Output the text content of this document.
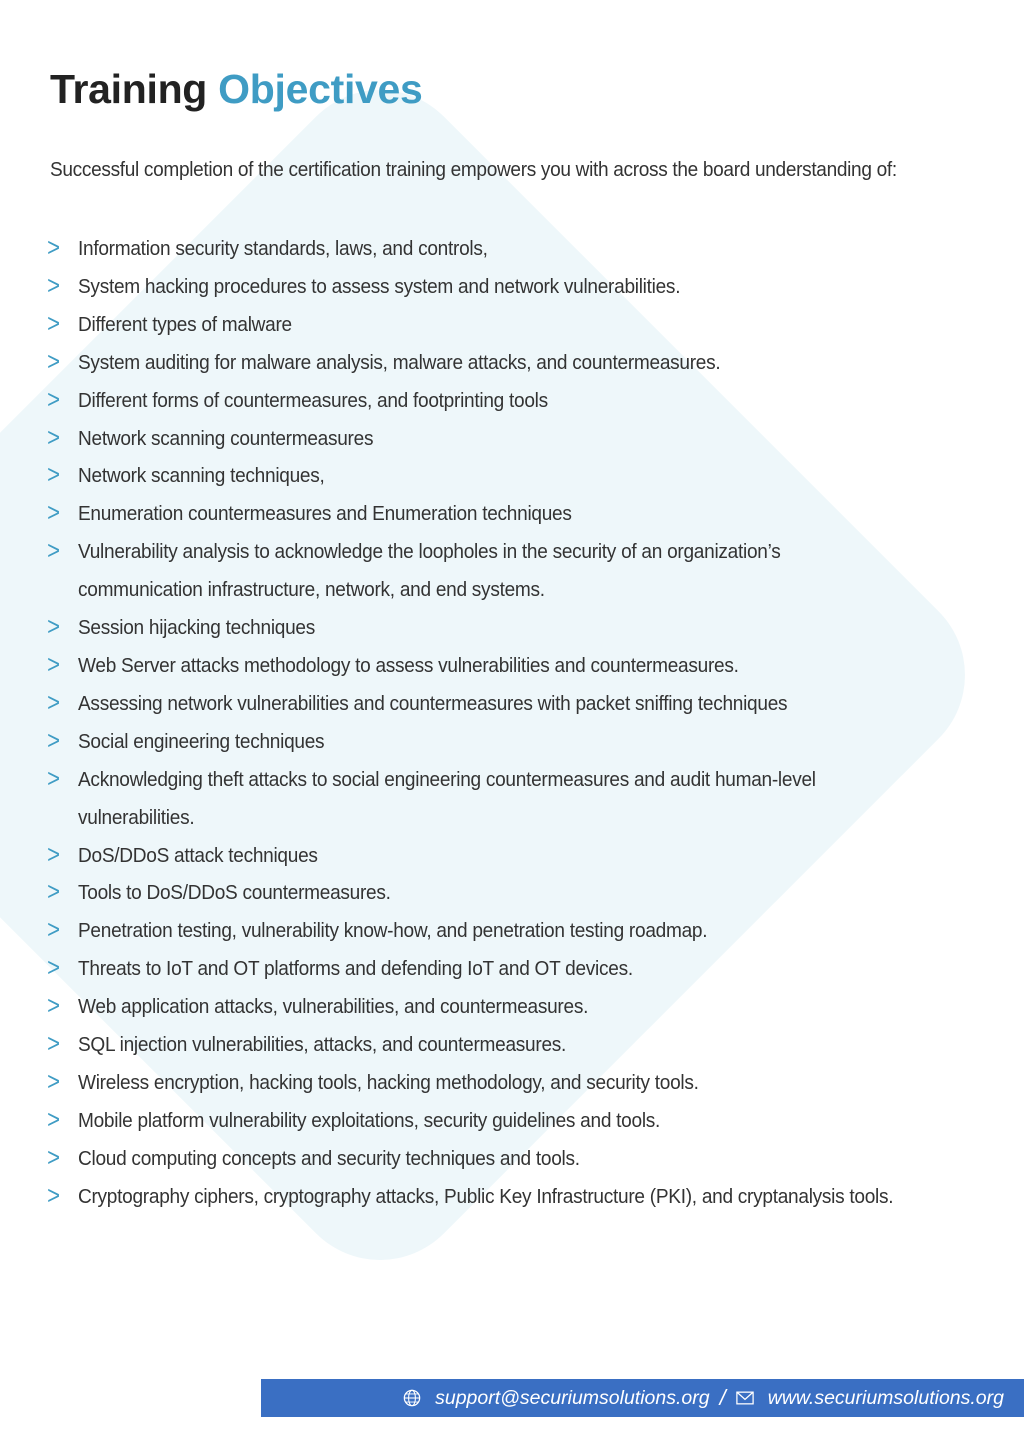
Training Objectives
Successful completion of the certification training empowers you with across the board understanding of:
> Information security standards, laws, and controls,
> System hacking procedures to assess system and network vulnerabilities.
> Different types of malware
> System auditing for malware analysis, malware attacks, and countermeasures.
> Different forms of countermeasures, and footprinting tools
> Network scanning countermeasures
> Network scanning techniques,
> Enumeration countermeasures and Enumeration techniques
> Vulnerability analysis to acknowledge the loopholes in the security of an organization’s
communication infrastructure, network, and end systems.
> Session hijacking techniques
> Web Server attacks methodology to assess vulnerabilities and countermeasures.
> Assessing network vulnerabilities and countermeasures with packet sniffing techniques
> Social engineering techniques
> Acknowledging theft attacks to social engineering countermeasures and audit human-level
vulnerabilities.
> DoS/DDoS attack techniques
> Tools to DoS/DDoS countermeasures.
> Penetration testing, vulnerability know-how, and penetration testing roadmap.
> Threats to IoT and OT platforms and defending IoT and OT devices.
> Web application attacks, vulnerabilities, and countermeasures.
> SQL injection vulnerabilities, attacks, and countermeasures.
> Wireless encryption, hacking tools, hacking methodology, and security tools.
> Mobile platform vulnerability exploitations, security guidelines and tools.
> Cloud computing concepts and security techniques and tools.
> Cryptography ciphers, cryptography attacks, Public Key Infrastructure (PKI), and cryptanalysis tools.
support@securiumsolutions.org / www.securiumsolutions.org
